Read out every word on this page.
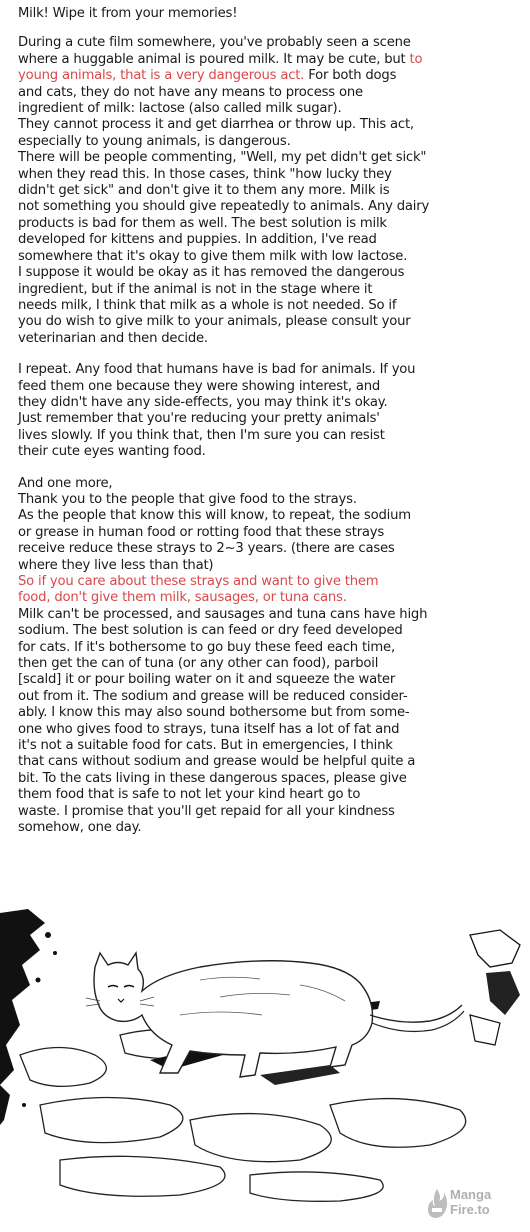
Milk! Wipe it from your memories!

During a cute film somewhere, you've probably seen a scene
where a huggable animal is poured milk. It may be cute, but to
young animals, that is a very dangerous act. For both dogs
and cats, they do not have any means to process one
ingredient of milk: lactose (also called milk sugar).
They cannot process it and get diarrhea or throw up. This act,
especially to young animals, is dangerous.
There will be people commenting, "Well, my pet didn't get sick"
when they read this. In those cases, think "how lucky they
didn't get sick" and don't give it to them any more. Milk is
not something you should give repeatedly to animals. Any dairy
products is bad for them as well. The best solution is milk
developed for kittens and puppies. In addition, I've read
somewhere that it's okay to give them milk with low lactose.
I suppose it would be okay as it has removed the dangerous
ingredient, but if the animal is not in the stage where it
needs milk, I think that milk as a whole is not needed. So if
you do wish to give milk to your animals, please consult your
veterinarian and then decide.

I repeat. Any food that humans have is bad for animals. If you
feed them one because they were showing interest, and
they didn't have any side-effects, you may think it's okay.
Just remember that you're reducing your pretty animals'
lives slowly. If you think that, then I'm sure you can resist
their cute eyes wanting food.

And one more,
Thank you to the people that give food to the strays.
As the people that know this will know, to repeat, the sodium
or grease in human food or rotting food that these strays
receive reduce these strays to 2~3 years. (there are cases
where they live less than that)
So if you care about these strays and want to give them
food, don't give them milk, sausages, or tuna cans.
Milk can't be processed, and sausages and tuna cans have high
sodium. The best solution is can feed or dry feed developed
for cats. If it's bothersome to go buy these feed each time,
then get the can of tuna (or any other can food), parboil
[scald] it or pour boiling water on it and squeeze the water
out from it. The sodium and grease will be reduced consider-
ably. I know this may also sound bothersome but from some-
one who gives food to strays, tuna itself has a lot of fat and
it's not a suitable food for cats. But in emergencies, I think
that cans without sodium and grease would be helpful quite a
bit. To the cats living in these dangerous spaces, please give
them food that is safe to not let your kind heart go to
waste. I promise that you'll get repaid for all your kindness
somehow, one day.

Manga
Fire.to
